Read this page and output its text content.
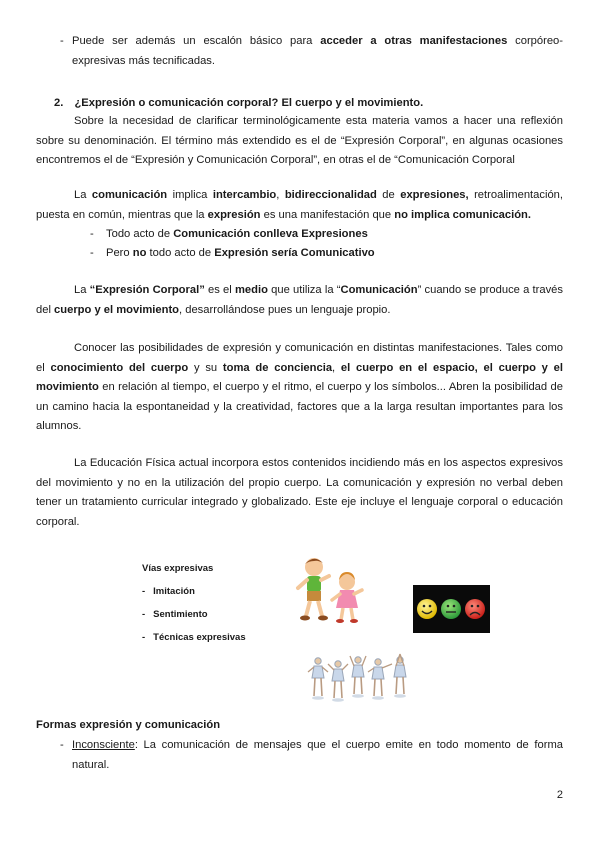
- Puede ser además un escalón básico para acceder a otras manifestaciones corpóreo-expresivas más tecnificadas.

2. ¿Expresión o comunicación corporal? El cuerpo y el movimiento.

Sobre la necesidad de clarificar terminológicamente esta materia vamos a hacer una reflexión sobre su denominación. El término más extendido es el de “Expresión Corporal”, en algunas ocasiones encontremos el de “Expresión y Comunicación Corporal”, en otras el de “Comunicación Corporal

La comunicación implica intercambio, bidireccionalidad de expresiones, retroalimentación, puesta en común, mientras que la expresión es una manifestación que no implica comunicación.

- Todo acto de Comunicación conlleva Expresiones
- Pero no todo acto de Expresión sería Comunicativo

La “Expresión Corporal” es el medio que utiliza la “Comunicación” cuando se produce a través del cuerpo y el movimiento, desarrollándose pues un lenguaje propio.

Conocer las posibilidades de expresión y comunicación en distintas manifestaciones. Tales como el conocimiento del cuerpo y su toma de conciencia, el cuerpo en el espacio, el cuerpo y el movimiento en relación al tiempo, el cuerpo y el ritmo, el cuerpo y los símbolos... Abren la posibilidad de un camino hacia la espontaneidad y la creatividad, factores que a la larga resultan importantes para los alumnos.

La Educación Física actual incorpora estos contenidos incidiendo más en los aspectos expresivos del movimiento y no en la utilización del propio cuerpo. La comunicación y expresión no verbal deben tener un tratamiento curricular integrado y globalizado. Este eje incluye el lenguaje corporal o educación corporal.

Vías expresivas
- Imitación
- Sentimiento
- Técnicas expresivas
Formas expresión y comunicación
- Inconsciente: La comunicación de mensajes que el cuerpo emite en todo momento de forma natural.

2
